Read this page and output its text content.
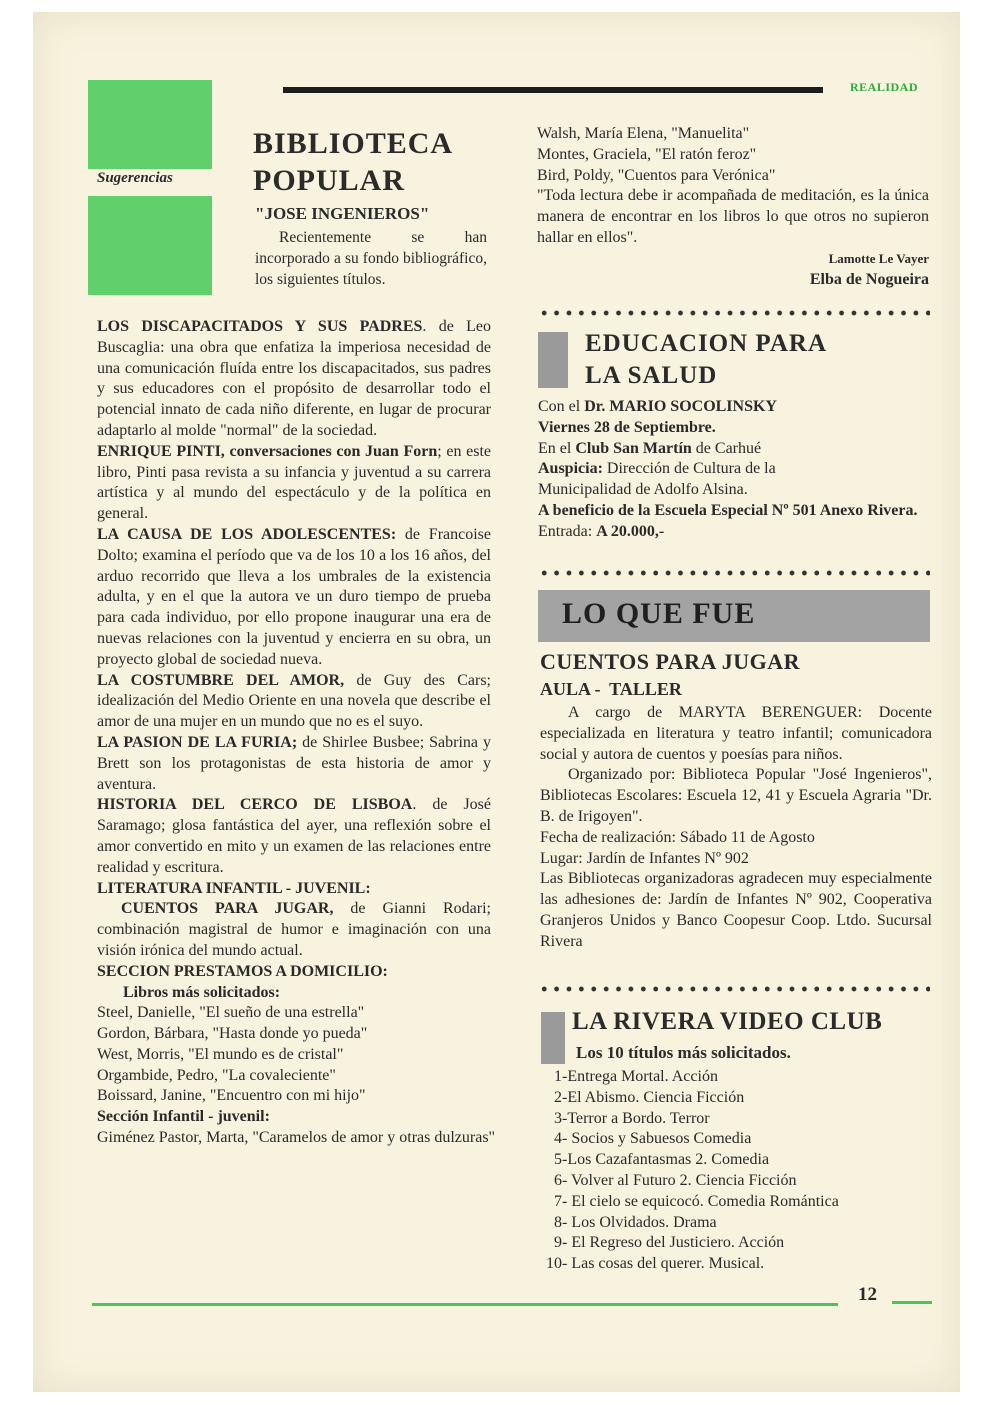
Sugerencias
REALIDAD
BIBLIOTECA
POPULAR
"JOSE INGENIEROS"
Recientemente se han incorporado a su fondo bibliográfico, los siguientes títulos.

LOS DISCAPACITADOS Y SUS PADRES. de Leo Buscaglia: una obra que enfatiza la imperiosa necesidad de una comunicación fluída entre los discapacitados, sus padres y sus educadores con el propósito de desarrollar todo el potencial innato de cada niño diferente, en lugar de procurar adaptarlo al molde "normal" de la sociedad.

ENRIQUE PINTI, conversaciones con Juan Forn; en este libro, Pinti pasa revista a su infancia y juventud a su carrera artística y al mundo del espectáculo y de la política en general.

LA CAUSA DE LOS ADOLESCENTES: de Francoise Dolto; examina el período que va de los 10 a los 16 años, del arduo recorrido que lleva a los umbrales de la existencia adulta, y en el que la autora ve un duro tiempo de prueba para cada individuo, por ello propone inaugurar una era de nuevas relaciones con la juventud y encierra en su obra, un proyecto global de sociedad nueva.

LA COSTUMBRE DEL AMOR, de Guy des Cars; idealización del Medio Oriente en una novela que describe el amor de una mujer en un mundo que no es el suyo.

LA PASION DE LA FURIA; de Shirlee Busbee; Sabrina y Brett son los protagonistas de esta historia de amor y aventura.

HISTORIA DEL CERCO DE LISBOA. de José Saramago; glosa fantástica del ayer, una reflexión sobre el amor convertido en mito y un examen de las relaciones entre realidad y escritura.

LITERATURA INFANTIL - JUVENIL:

CUENTOS PARA JUGAR, de Gianni Rodari; combinación magistral de humor e imaginación con una visión irónica del mundo actual.

SECCION PRESTAMOS A DOMICILIO:

Libros más solicitados:

Steel, Danielle, "El sueño de una estrella"

Gordon, Bárbara, "Hasta donde yo pueda"

West, Morris, "El mundo es de cristal"

Orgambide, Pedro, "La covaleciente"

Boissard, Janine, "Encuentro con mi hijo"

Sección Infantil - juvenil:

Giménez Pastor, Marta, "Caramelos de amor y otras dulzuras"

Walsh, María Elena, "Manuelita"

Montes, Graciela, "El ratón feroz"

Bird, Poldy, "Cuentos para Verónica"

"Toda lectura debe ir acompañada de meditación, es la única manera de encontrar en los libros lo que otros no supieron hallar en ellos".

Lamotte Le Vayer

Elba de Nogueira

EDUCACION PARA
LA SALUD

Con el Dr. MARIO SOCOLINSKY

Viernes 28 de Septiembre.

En el Club San Martín de Carhué

Auspicia: Dirección de Cultura de la Municipalidad de Adolfo Alsina.

A beneficio de la Escuela Especial Nº 501 Anexo Rivera.

Entrada: A 20.000,-

LO QUE FUE
CUENTOS PARA JUGAR
AULA -  TALLER

A cargo de MARYTA BERENGUER: Docente especializada en literatura y teatro infantil; comunicadora social y autora de cuentos y poesías para niños.

Organizado por: Biblioteca Popular "José Ingenieros", Bibliotecas Escolares: Escuela 12, 41 y Escuela Agraria "Dr. B. de Irigoyen".

Fecha de realización: Sábado 11 de Agosto

Lugar: Jardín de Infantes Nº 902

Las Bibliotecas organizadoras agradecen muy especialmente las adhesiones de: Jardín de Infantes Nº 902, Cooperativa Granjeros Unidos y Banco Coopesur Coop. Ltdo. Sucursal Rivera

LA RIVERA VIDEO CLUB
Los 10 títulos más solicitados.
1-Entrega Mortal. Acción
2-El Abismo. Ciencia Ficción
3-Terror a Bordo. Terror
4- Socios y Sabuesos Comedia
5-Los Cazafantasmas 2. Comedia
6- Volver al Futuro 2. Ciencia Ficción
7- El cielo se equicocó. Comedia Romántica
8- Los Olvidados. Drama
9- El Regreso del Justiciero. Acción
10- Las cosas del querer. Musical.
12
